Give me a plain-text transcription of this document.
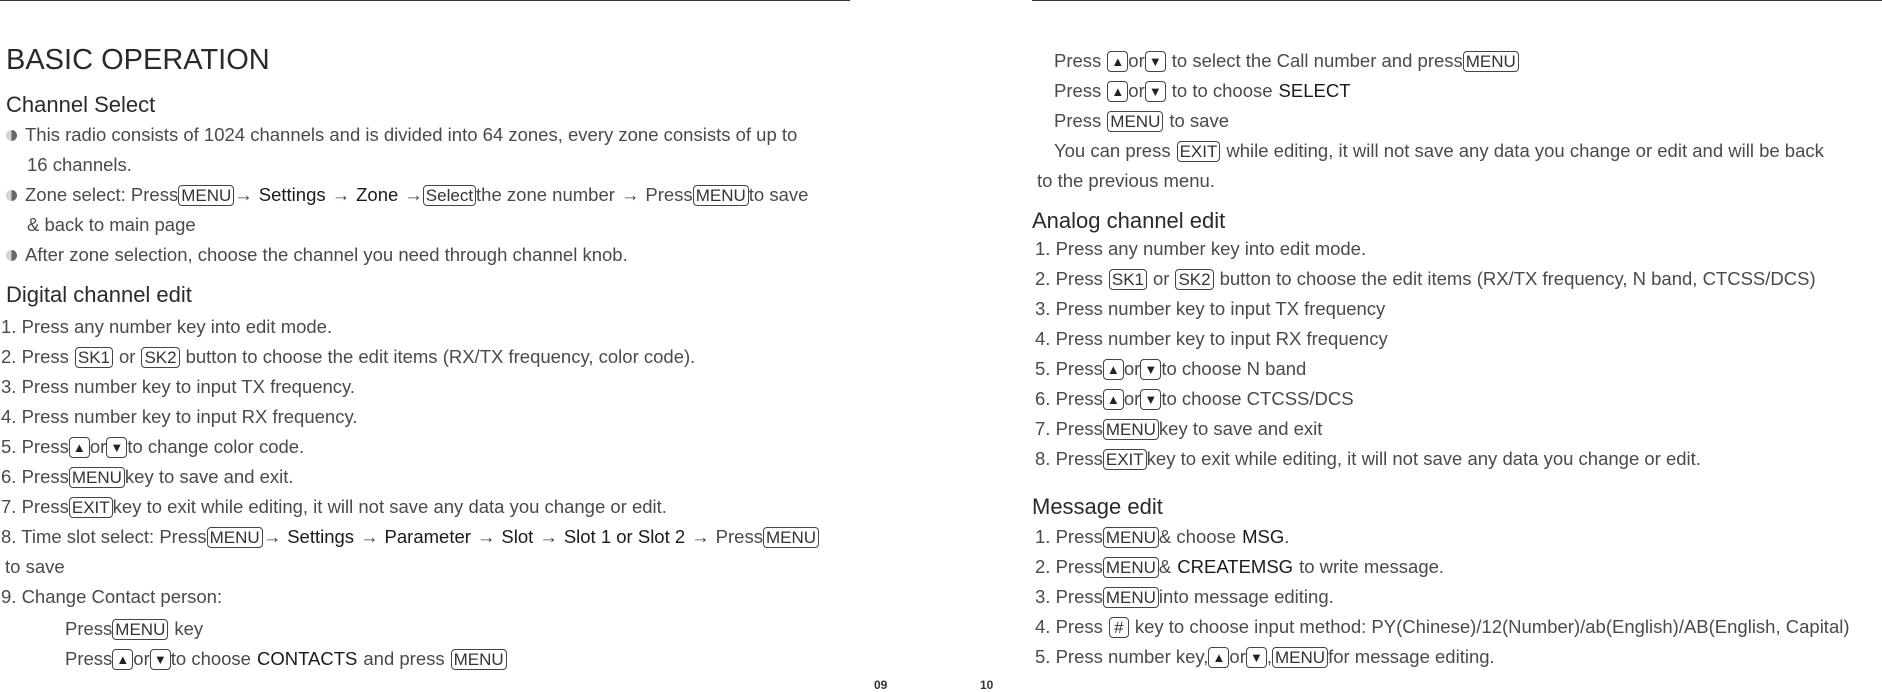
BASIC OPERATION
Channel Select
This radio consists of 1024 channels and is divided into 64 zones, every zone consists of up to
16 channels.
Zone select: Press MENU → Settings → Zone → Select the zone number → Press MENU to save
& back to main page
After zone selection, choose the channel you need through channel knob.
Digital channel edit
1. Press any number key into edit mode.
2. Press SK1 or SK2 button to choose the edit items (RX/TX frequency, color code).
3. Press number key to input TX frequency.
4. Press number key to input RX frequency.
5. Press ▲ or ▼ to change color code.
6. Press MENU key to save and exit.
7. Press EXIT key to exit while editing, it will not save any data you change or edit.
8. Time slot select: Press MENU → Settings → Parameter → Slot → Slot 1 or Slot 2 → Press MENU
to save
9. Change Contact person:
Press MENU key
Press ▲ or ▼ to choose CONTACTS and press MENU
09
Press ▲ or ▼ to select the Call number and press MENU
Press ▲ or ▼ to to choose SELECT
Press MENU to save
You can press EXIT while editing, it will not save any data you change or edit and will be back
to the previous menu.
Analog channel edit
1. Press any number key into edit mode.
2. Press SK1 or SK2 button to choose the edit items (RX/TX frequency, N band, CTCSS/DCS)
3. Press number key to input TX frequency
4. Press number key to input RX frequency
5. Press ▲ or ▼ to choose N band
6. Press ▲ or ▼ to choose CTCSS/DCS
7. Press MENU key to save and exit
8. Press EXIT key to exit while editing, it will not save any data you change or edit.
Message edit
1. Press MENU & choose MSG .
2. Press MENU & CREATEMSG to write message.
3. Press MENU into message editing.
4. Press # key to choose input method: PY(Chinese)/12(Number)/ab(English)/AB(English, Capital)
5. Press number key, ▲ or ▼ , MENU for message editing.
10
